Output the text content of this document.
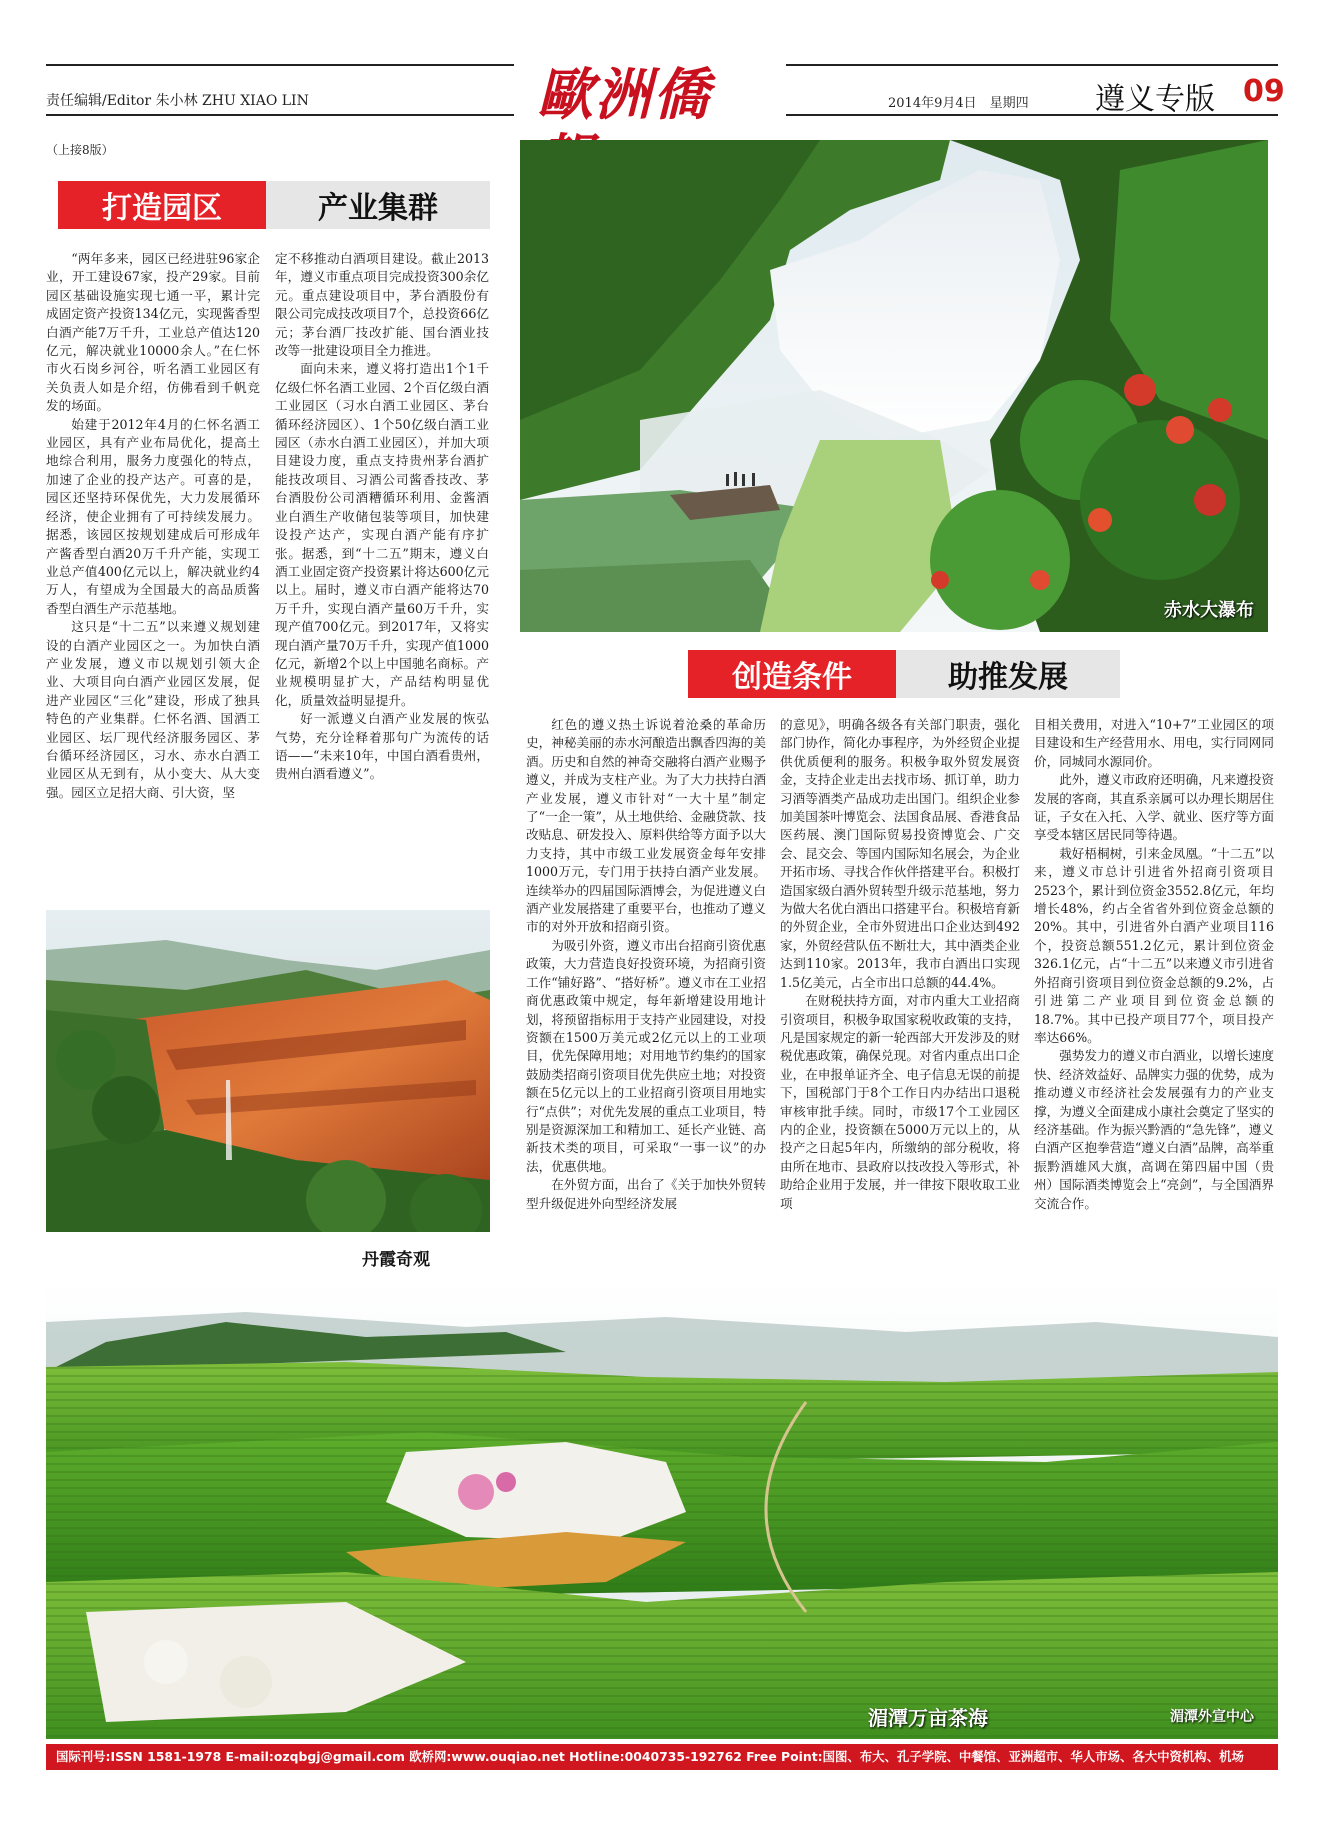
责任编辑/Editor 朱小林 ZHU XIAO LIN	歐洲僑	2014年9月4日　星期四 遵义专版 09
（上接8版）
打造园区	产业集群

“两年多来，园区已经进驻96家企业，开工建设67家，投产29家。目前园区基础设施实现七通一平，累计完成固定资产投资134亿元，实现酱香型白酒产能7万千升，工业总产值达120亿元，解决就业10000余人。”在仁怀市火石岗乡河谷，听名酒工业园区有关负责人如是介绍，仿佛看到千帆竞发的场面。

始建于2012年4月的仁怀名酒工业园区，具有产业布局优化，提高土地综合利用，服务力度强化的特点，加速了企业的投产达产。可喜的是，园区还坚持环保优先，大力发展循环经济，使企业拥有了可持续发展力。据悉，该园区按规划建成后可形成年产酱香型白酒20万千升产能，实现工业总产值400亿元以上，解决就业约4万人，有望成为全国最大的高品质酱香型白酒生产示范基地。

这只是“十二五”以来遵义规划建设的白酒产业园区之一。为加快白酒产业发展，遵义市以规划引领大企业、大项目向白酒产业园区发展，促进产业园区“三化”建设，形成了独具特色的产业集群。仁怀名酒、国酒工业园区、坛厂现代经济服务园区、茅台循环经济园区，习水、赤水白酒工业园区从无到有，从小变大、从大变强。园区立足招大商、引大资，坚

定不移推动白酒项目建设。截止2013年，遵义市重点项目完成投资300余亿元。重点建设项目中，茅台酒股份有限公司完成技改项目7个，总投资66亿元；茅台酒厂技改扩能、国台酒业技改等一批建设项目全力推进。

面向未来，遵义将打造出1个1千亿级仁怀名酒工业园、2个百亿级白酒工业园区（习水白酒工业园区、茅台循环经济园区）、1个50亿级白酒工业园区（赤水白酒工业园区），并加大项目建设力度，重点支持贵州茅台酒扩能技改项目、习酒公司酱香技改、茅台酒股份公司酒糟循环利用、金酱酒业白酒生产收储包装等项目，加快建设投产达产，实现白酒产能有序扩张。据悉，到“十二五”期末，遵义白酒工业固定资产投资累计将达600亿元以上。届时，遵义市白酒产能将达70万千升，实现白酒产量60万千升，实现产值700亿元。到2017年，又将实现白酒产量70万千升，实现产值1000亿元，新增2个以上中国驰名商标。产业规模明显扩大，产品结构明显优化，质量效益明显提升。

好一派遵义白酒产业发展的恢弘气势，充分诠释着那句广为流传的话语——“未来10年，中国白酒看贵州，贵州白酒看遵义”。

赤水大瀑布
创造条件	助推发展

红色的遵义热土诉说着沧桑的革命历史，神秘美丽的赤水河酿造出飘香四海的美酒。历史和自然的神奇交融将白酒产业赐予遵义，并成为支柱产业。为了大力扶持白酒产业发展，遵义市针对“一大十星”制定了“一企一策”，从土地供给、金融贷款、技改贴息、研发投入、原料供给等方面予以大力支持，其中市级工业发展资金每年安排1000万元，专门用于扶持白酒产业发展。连续举办的四届国际酒博会，为促进遵义白酒产业发展搭建了重要平台，也推动了遵义市的对外开放和招商引资。

为吸引外资，遵义市出台招商引资优惠政策，大力营造良好投资环境，为招商引资工作“铺好路”、“搭好桥”。遵义市在工业招商优惠政策中规定，每年新增建设用地计划，将预留指标用于支持产业园建设，对投资额在1500万美元或2亿元以上的工业项目，优先保障用地；对用地节约集约的国家鼓励类招商引资项目优先供应土地；对投资额在5亿元以上的工业招商引资项目用地实行“点供”；对优先发展的重点工业项目，特别是资源深加工和精加工、延长产业链、高新技术类的项目，可采取“一事一议”的办法，优惠供地。

在外贸方面，出台了《关于加快外贸转型升级促进外向型经济发展

的意见》，明确各级各有关部门职责，强化部门协作，简化办事程序，为外经贸企业提供优质便利的服务。积极争取外贸发展资金，支持企业走出去找市场、抓订单，助力习酒等酒类产品成功走出国门。组织企业参加美国茶叶博览会、法国食品展、香港食品医药展、澳门国际贸易投资博览会、广交会、昆交会、等国内国际知名展会，为企业开拓市场、寻找合作伙伴搭建平台。积极打造国家级白酒外贸转型升级示范基地，努力为做大名优白酒出口搭建平台。积极培育新的外贸企业，全市外贸进出口企业达到492家，外贸经营队伍不断壮大，其中酒类企业达到110家。2013年，我市白酒出口实现1.5亿美元，占全市出口总额的44.4%。

在财税扶持方面，对市内重大工业招商引资项目，积极争取国家税收政策的支持，凡是国家规定的新一轮西部大开发涉及的财税优惠政策，确保兑现。对省内重点出口企业，在申报单证齐全、电子信息无误的前提下，国税部门于8个工作日内办结出口退税审核审批手续。同时，市级17个工业园区内的企业，投资额在5000万元以上的，从投产之日起5年内，所缴纳的部分税收，将由所在地市、县政府以技改投入等形式，补助给企业用于发展，并一律按下限收取工业项

目相关费用，对进入“10+7”工业园区的项目建设和生产经营用水、用电，实行同网同价，同城同水源同价。

此外，遵义市政府还明确，凡来遵投资发展的客商，其直系亲属可以办理长期居住证，子女在入托、入学、就业、医疗等方面享受本辖区居民同等待遇。

栽好梧桐树，引来金凤凰。“十二五”以来，遵义市总计引进省外招商引资项目2523个，累计到位资金3552.8亿元，年均增长48%，约占全省省外到位资金总额的20%。其中，引进省外白酒产业项目116个，投资总额551.2亿元，累计到位资金326.1亿元，占“十二五”以来遵义市引进省外招商引资项目到位资金总额的9.2%，占引进第二产业项目到位资金总额的18.7%。其中已投产项目77个，项目投产率达66%。

强势发力的遵义市白酒业，以增长速度快、经济效益好、品牌实力强的优势，成为推动遵义市经济社会发展强有力的产业支撑，为遵义全面建成小康社会奠定了坚实的经济基础。作为振兴黔酒的“急先锋”，遵义白酒产区抱拳营造“遵义白酒”品牌，高举重振黔酒雄风大旗，高调在第四届中国（贵州）国际酒类博览会上“亮剑”，与全国酒界交流合作。

丹霞奇观
湄潭万亩茶海	湄潭外宣中心
国际刊号:ISSN 1581-1978 E-mail:ozqbgj@gmail.com 欧桥网:www.ouqiao.net Hotline:0040735-192762 Free Point:国图、布大、孔子学院、中餐馆、亚洲超市、华人市场、各大中资机构、机场
